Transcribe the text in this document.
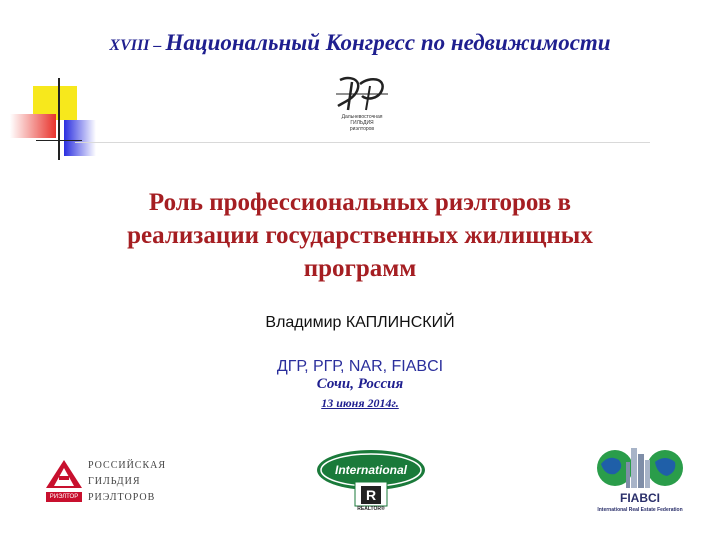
XVIII – Национальный Конгресс по недвижимости
Дальневосточная
ГИЛЬДИЯ
риэлторов
Роль профессиональных риэлторов в
реализации государственных жилищных
программ
Владимир КАПЛИНСКИЙ
ДГР, РГР, NAR, FIABCI
Сочи, Россия
13 июня 2014г.
РИЭЛТОР
РОССИЙСКАЯ
ГИЛЬДИЯ
РИЭЛТОРОВ	R
International
REALTOR®
FIABCI
International Real Estate Federation
